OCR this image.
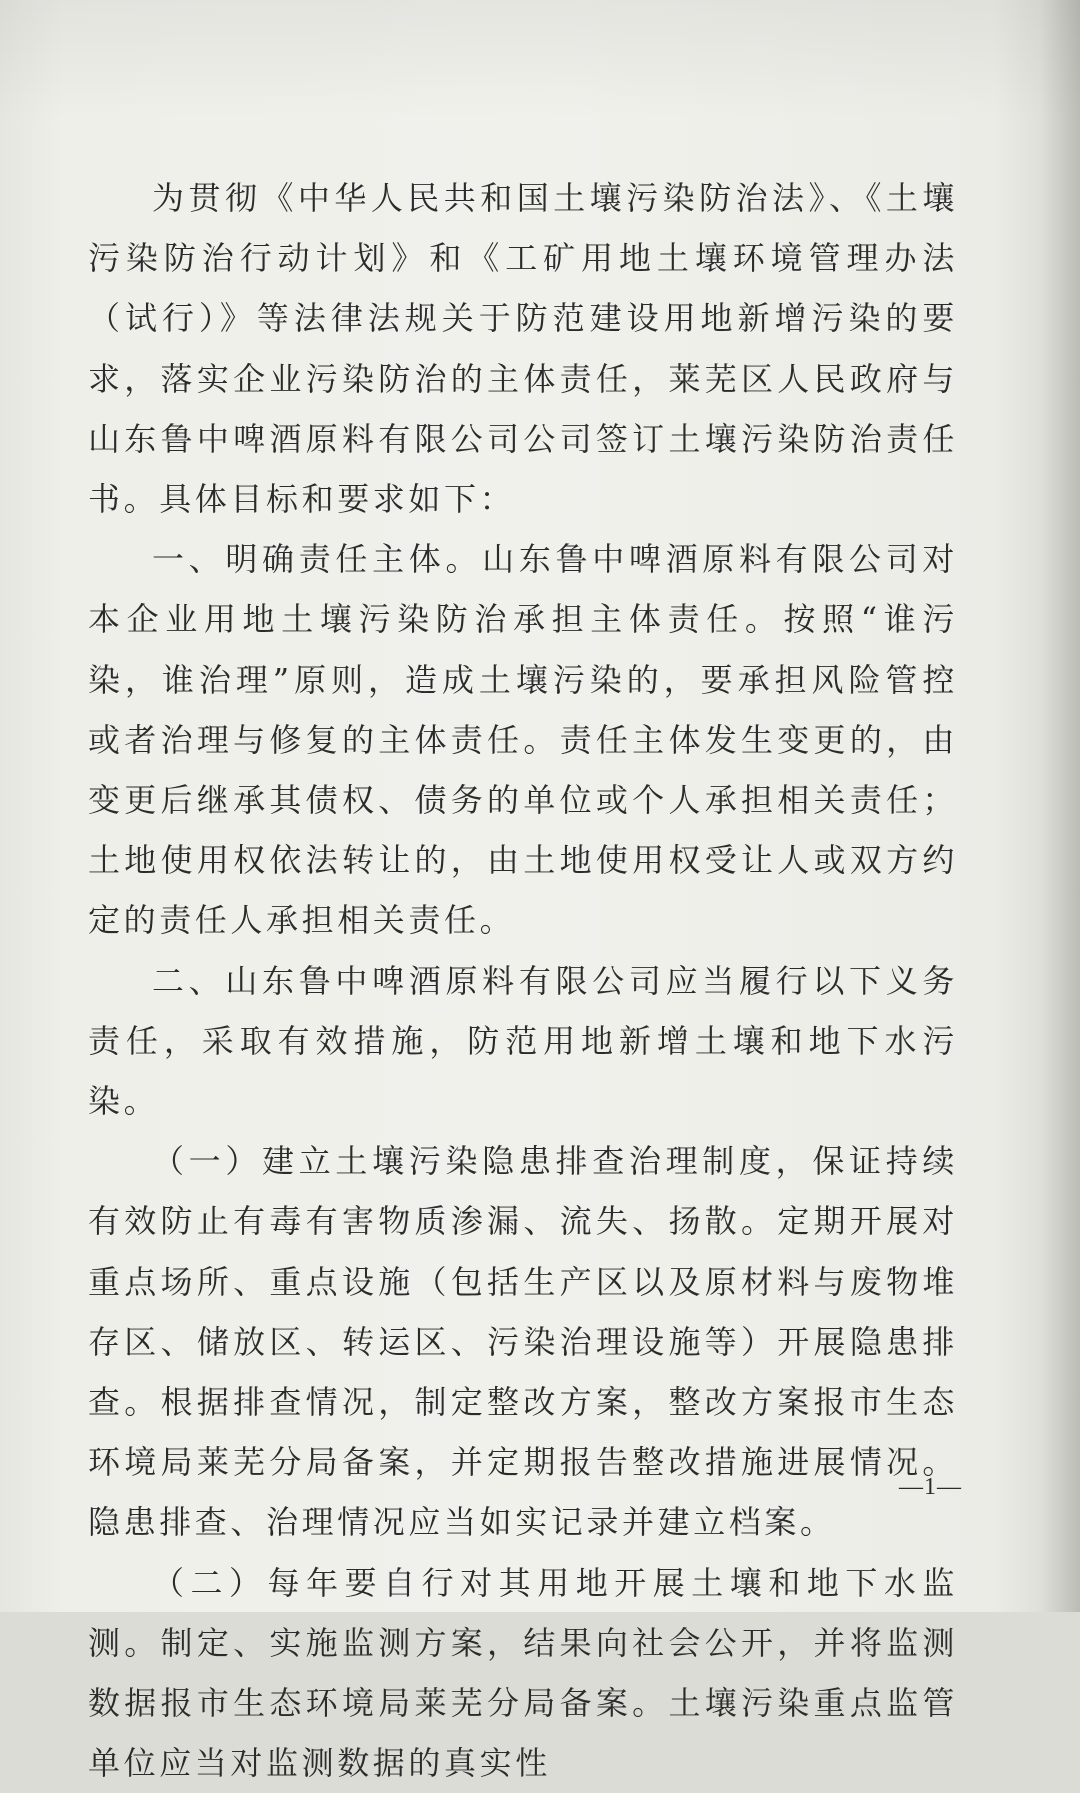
为贯彻《中华人民共和国土壤污染防治法》、《土壤污染防治行动计划》和《工矿用地土壤环境管理办法（试行）》等法律法规关于防范建设用地新增污染的要求，落实企业污染防治的主体责任，莱芜区人民政府与山东鲁中啤酒原料有限公司公司签订土壤污染防治责任书。具体目标和要求如下：

一、明确责任主体。山东鲁中啤酒原料有限公司对本企业用地土壤污染防治承担主体责任。按照“谁污染，谁治理”原则，造成土壤污染的，要承担风险管控或者治理与修复的主体责任。责任主体发生变更的，由变更后继承其债权、债务的单位或个人承担相关责任；土地使用权依法转让的，由土地使用权受让人或双方约定的责任人承担相关责任。

二、山东鲁中啤酒原料有限公司应当履行以下义务责任，采取有效措施，防范用地新增土壤和地下水污染。

（一）建立土壤污染隐患排查治理制度，保证持续有效防止有毒有害物质渗漏、流失、扬散。定期开展对重点场所、重点设施（包括生产区以及原材料与废物堆存区、储放区、转运区、污染治理设施等）开展隐患排查。根据排查情况，制定整改方案，整改方案报市生态环境局莱芜分局备案，并定期报告整改措施进展情况。隐患排查、治理情况应当如实记录并建立档案。

（二）每年要自行对其用地开展土壤和地下水监测。制定、实施监测方案，结果向社会公开，并将监测数据报市生态环境局莱芜分局备案。土壤污染重点监管单位应当对监测数据的真实性

—1—
